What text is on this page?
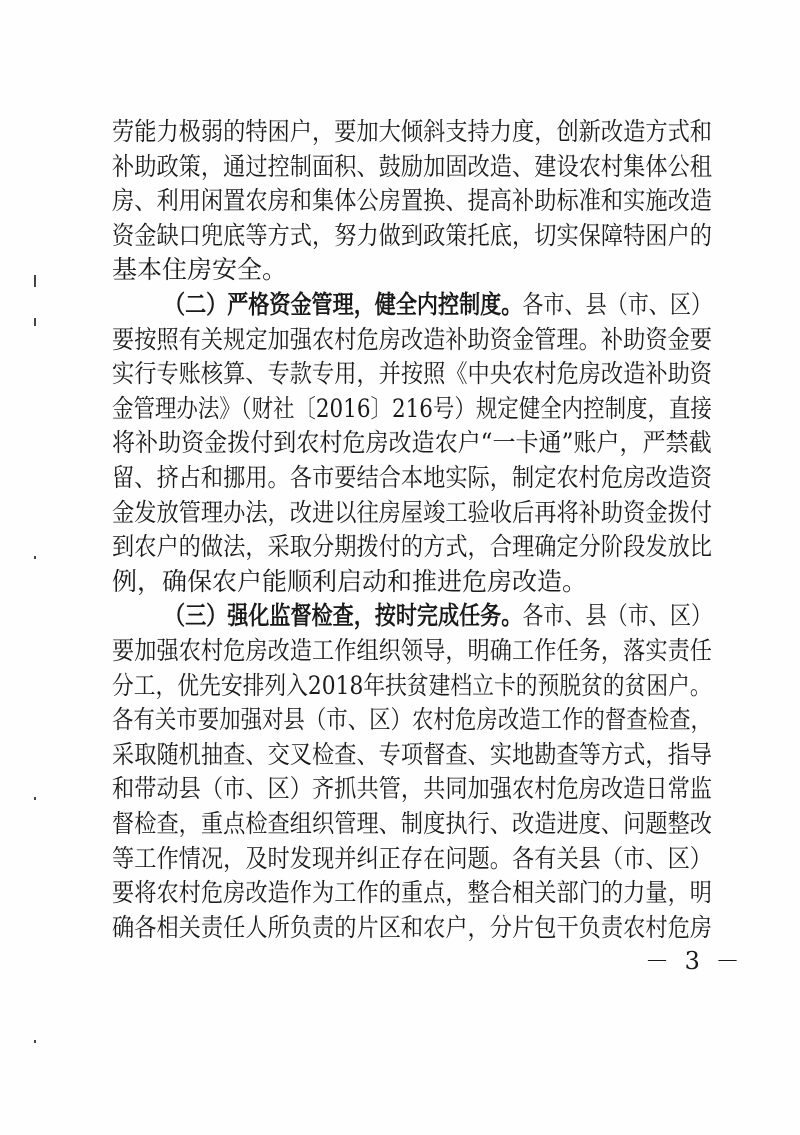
劳能力极弱的特困户，要加大倾斜支持力度，创新改造方式和
补助政策，通过控制面积、鼓励加固改造、建设农村集体公租
房、利用闲置农房和集体公房置换、提高补助标准和实施改造
资金缺口兜底等方式，努力做到政策托底，切实保障特困户的
基本住房安全。
（二）严格资金管理，健全内控制度。各市、县（市、区）
要按照有关规定加强农村危房改造补助资金管理。补助资金要
实行专账核算、专款专用，并按照《中央农村危房改造补助资
金管理办法》（财社〔2016〕216号）规定健全内控制度，直接
将补助资金拨付到农村危房改造农户“一卡通”账户，严禁截
留、挤占和挪用。各市要结合本地实际，制定农村危房改造资
金发放管理办法，改进以往房屋竣工验收后再将补助资金拨付
到农户的做法，采取分期拨付的方式，合理确定分阶段发放比
例，确保农户能顺利启动和推进危房改造。
（三）强化监督检查，按时完成任务。各市、县（市、区）
要加强农村危房改造工作组织领导，明确工作任务，落实责任
分工，优先安排列入2018年扶贫建档立卡的预脱贫的贫困户。
各有关市要加强对县（市、区）农村危房改造工作的督查检查，
采取随机抽查、交叉检查、专项督查、实地勘查等方式，指导
和带动县（市、区）齐抓共管，共同加强农村危房改造日常监
督检查，重点检查组织管理、制度执行、改造进度、问题整改
等工作情况，及时发现并纠正存在问题。各有关县（市、区）
要将农村危房改造作为工作的重点，整合相关部门的力量，明
确各相关责任人所负责的片区和农户，分片包干负责农村危房
－ 3 －
